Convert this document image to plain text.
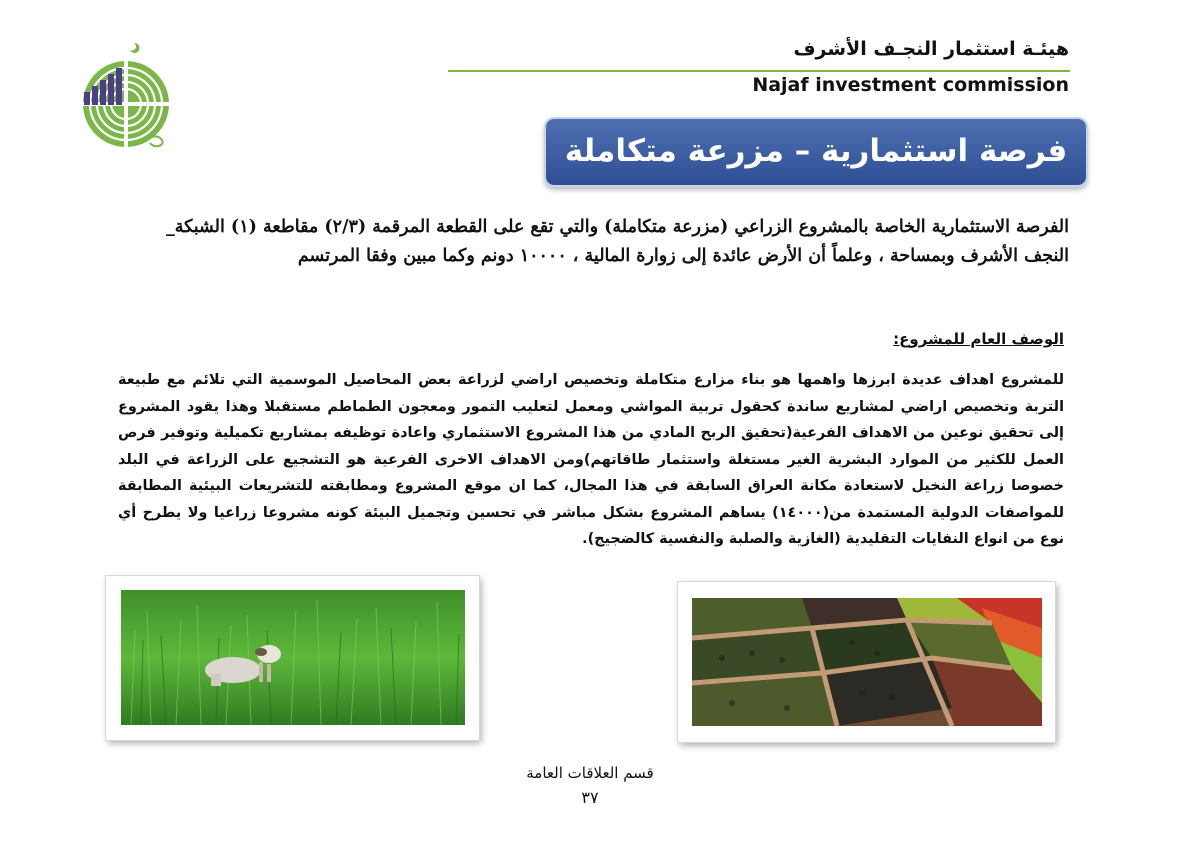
هيئـة استثمار النجـف الأشرف
Najaf investment commission
فرصة استثمارية – مزرعة متكاملة
الفرصة الاستثمارية الخاصة بالمشروع الزراعي (مزرعة متكاملة) والتي تقع على القطعة المرقمة (٢/٣) مقاطعة (١) الشبكة_ النجف الأشرف وبمساحة ، وعلماً أن الأرض عائدة إلى زوارة المالية ، ١٠٠٠٠ دونم وكما مبين وفقا المرتسم
الوصف العام للمشروع:
للمشروع اهداف عديدة ابرزها واهمها هو بناء مزارع متكاملة وتخصيص اراضي لزراعة بعض المحاصيل الموسمية التي تلائم مع طبيعة التربة وتخصيص اراضي لمشاريع ساندة كحقول تربية المواشي ومعمل لتعليب التمور ومعجون الطماطم مستقبلا وهذا يقود المشروع إلى تحقيق نوعين من الاهداف الفرعية(تحقيق الربح المادي من هذا المشروع الاستثماري واعادة توظيفه بمشاريع تكميلية وتوفير فرص العمل للكثير من الموارد البشرية الغير مستغلة واستثمار طاقاتهم)ومن الاهداف الاخرى الفرعية هو التشجيع على الزراعة في البلد خصوصا زراعة النخيل لاستعادة مكانة العراق السابقة في هذا المجال، كما ان موقع المشروع ومطابقته للتشريعات البيئية المطابقة للمواصفات الدولية المستمدة من(١٤٠٠٠) يساهم المشروع بشكل مباشر في تحسين وتجميل البيئة كونه مشروعا زراعيا ولا يطرح أي نوع من انواع النفايات التقليدية (الغازية والصلبة والنفسية كالضجيج).
قسم العلاقات العامة
٣٧
